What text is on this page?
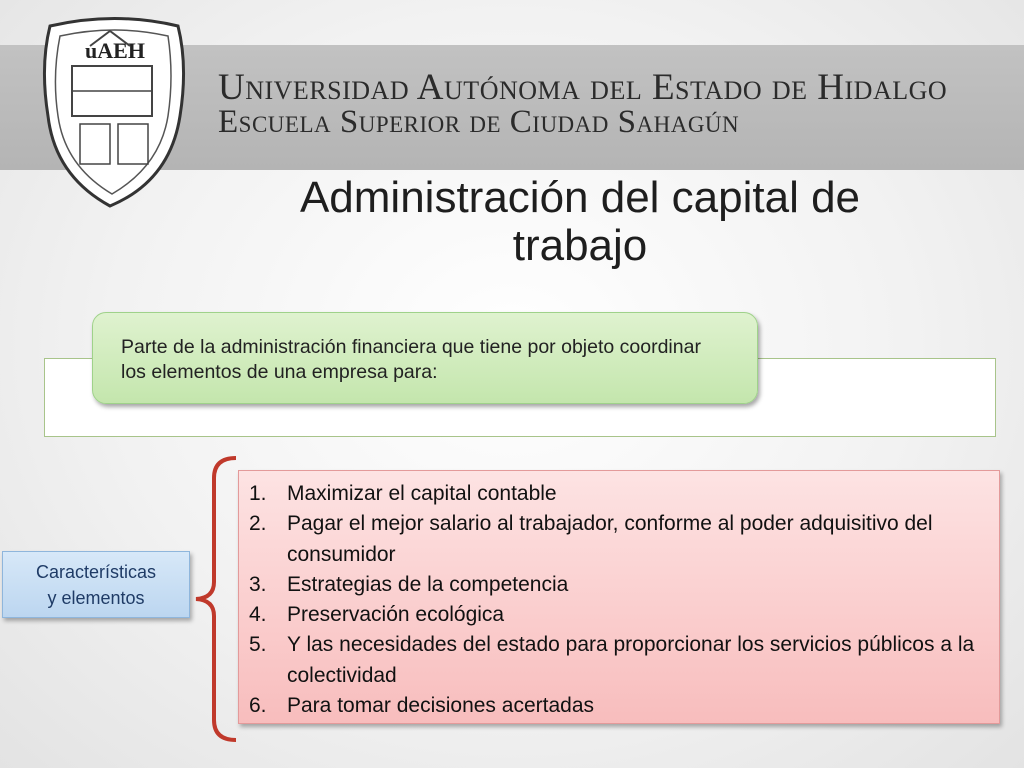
uAEH
Universidad Autónoma del Estado de Hidalgo
Escuela Superior de Ciudad Sahagún
Administración del capital de trabajo
Parte de la administración financiera que tiene por objeto coordinar los elementos de una empresa para:
Características
y elementos
1. Maximizar el capital contable
2. Pagar el mejor salario al trabajador, conforme al poder adquisitivo del consumidor
3. Estrategias de la competencia
4. Preservación ecológica
5. Y las necesidades del estado para proporcionar los servicios públicos a la colectividad
6. Para tomar decisiones acertadas
